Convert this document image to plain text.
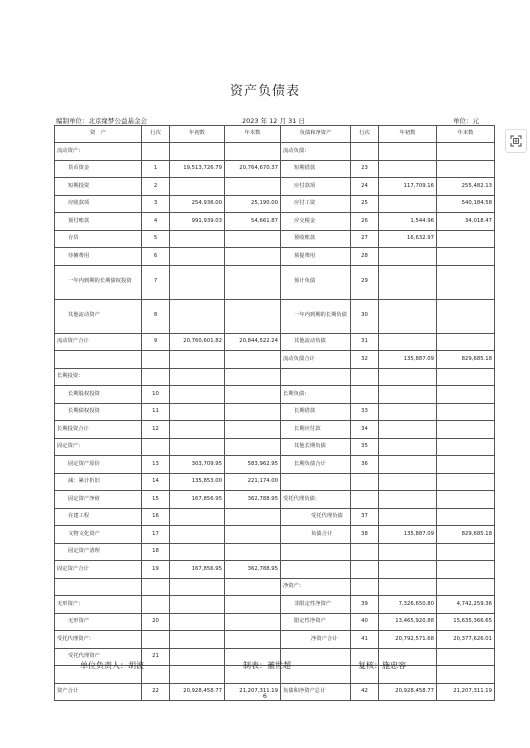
资产负债表
编制单位：北京缘梦公益基金会	2023 年 12 月 31 日	单位：元
资　产	行次	年初数	年末数	负债和净资产	行次	年初数	年末数
流动资产：				流动负债：			
货币资金	1	19,513,726.79	20,764,670.37	短期借款	23		
短期投资	2			应付款项	24	117,709.16	255,482.13
应收款项	3	254,936.00	25,190.00	应付工资	25		540,184.58
预付账款	4	991,939.03	54,661.87	应交税金	26	1,544.96	34,018.47
存货	5			预收账款	27	16,632.97	
待摊费用	6			预提费用	28		
一年内到期的长期债权投资	7			预计负债	29		
其他流动资产	8			一年内到期的长期负债	30		
流动资产合计	9	20,760,601.82	20,844,522.24	其他流动负债	31		
				流动负债合计	32	135,887.09	829,685.18
长期投资：							
长期股权投资	10			长期负债：			
长期债权投资	11			长期借款	33		
长期投资合计	12			长期应付款	34		
固定资产：				其他长期负债	35		
固定资产原价	13	303,709.95	583,962.95	长期负债合计	36		
减：累计折旧	14	135,853.00	221,174.00				
固定资产净值	15	167,856.95	362,788.95	受托代理负债：			
在建工程	16			受托代理负债	37		
文物文化资产	17			负债合计	38	135,887.09	829,685.18
固定资产清理	18						
固定资产合计	19	167,856.95	362,788.95				
				净资产：			
无形资产：				非限定性净资产	39	7,326,650.80	4,742,259.36
无形资产	20			限定性净资产	40	13,465,920.88	15,635,366.65
受托代理资产：				净资产合计	41	20,792,571.68	20,377,626.01
受托代理资产	21						

资产合计	22	20,928,458.77	21,207,311.19	负债和净资产总计	42	20,928,458.77	21,207,311.19
单位负责人：胡波	制表：董世超	复核：施忠容
6
